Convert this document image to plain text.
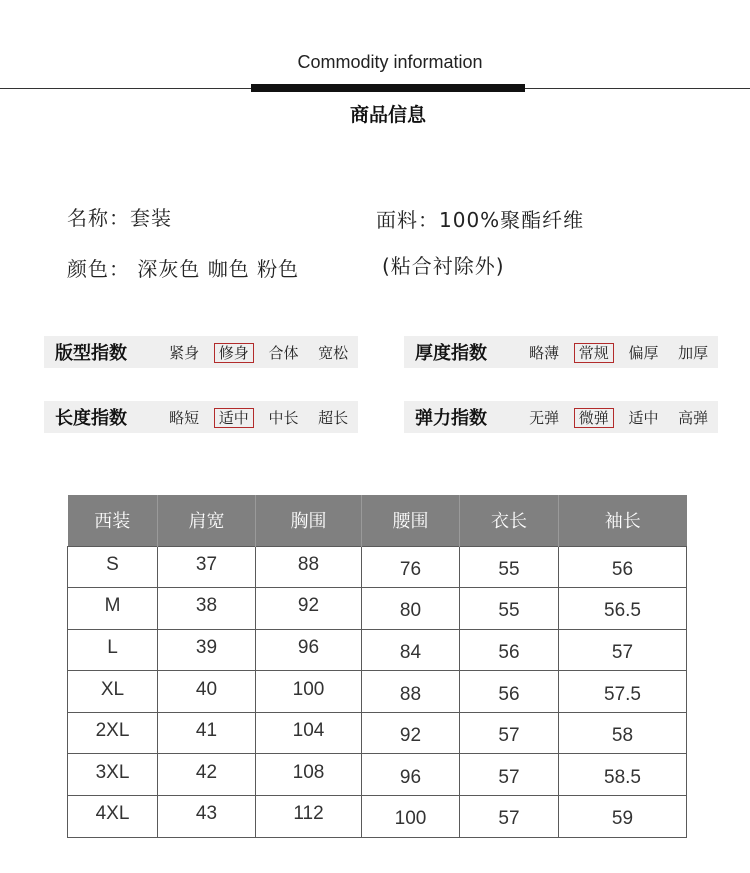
Commodity information
商品信息
名称：套装	面料：100%聚酯纤维
颜色： 深灰色 咖色 粉色	(粘合衬除外)
版型指数	紧身	修身	合体	宽松	厚度指数	略薄	常规	偏厚	加厚
长度指数	略短	适中	中长	超长	弹力指数	无弹	微弹	适中	高弹
西装	肩宽	胸围	腰围	衣长	袖长
S	37	88	76	55	56
M	38	92	80	55	56.5
L	39	96	84	56	57
XL	40	100	88	56	57.5
2XL	41	104	92	57	58
3XL	42	108	96	57	58.5
4XL	43	112	100	57	59
